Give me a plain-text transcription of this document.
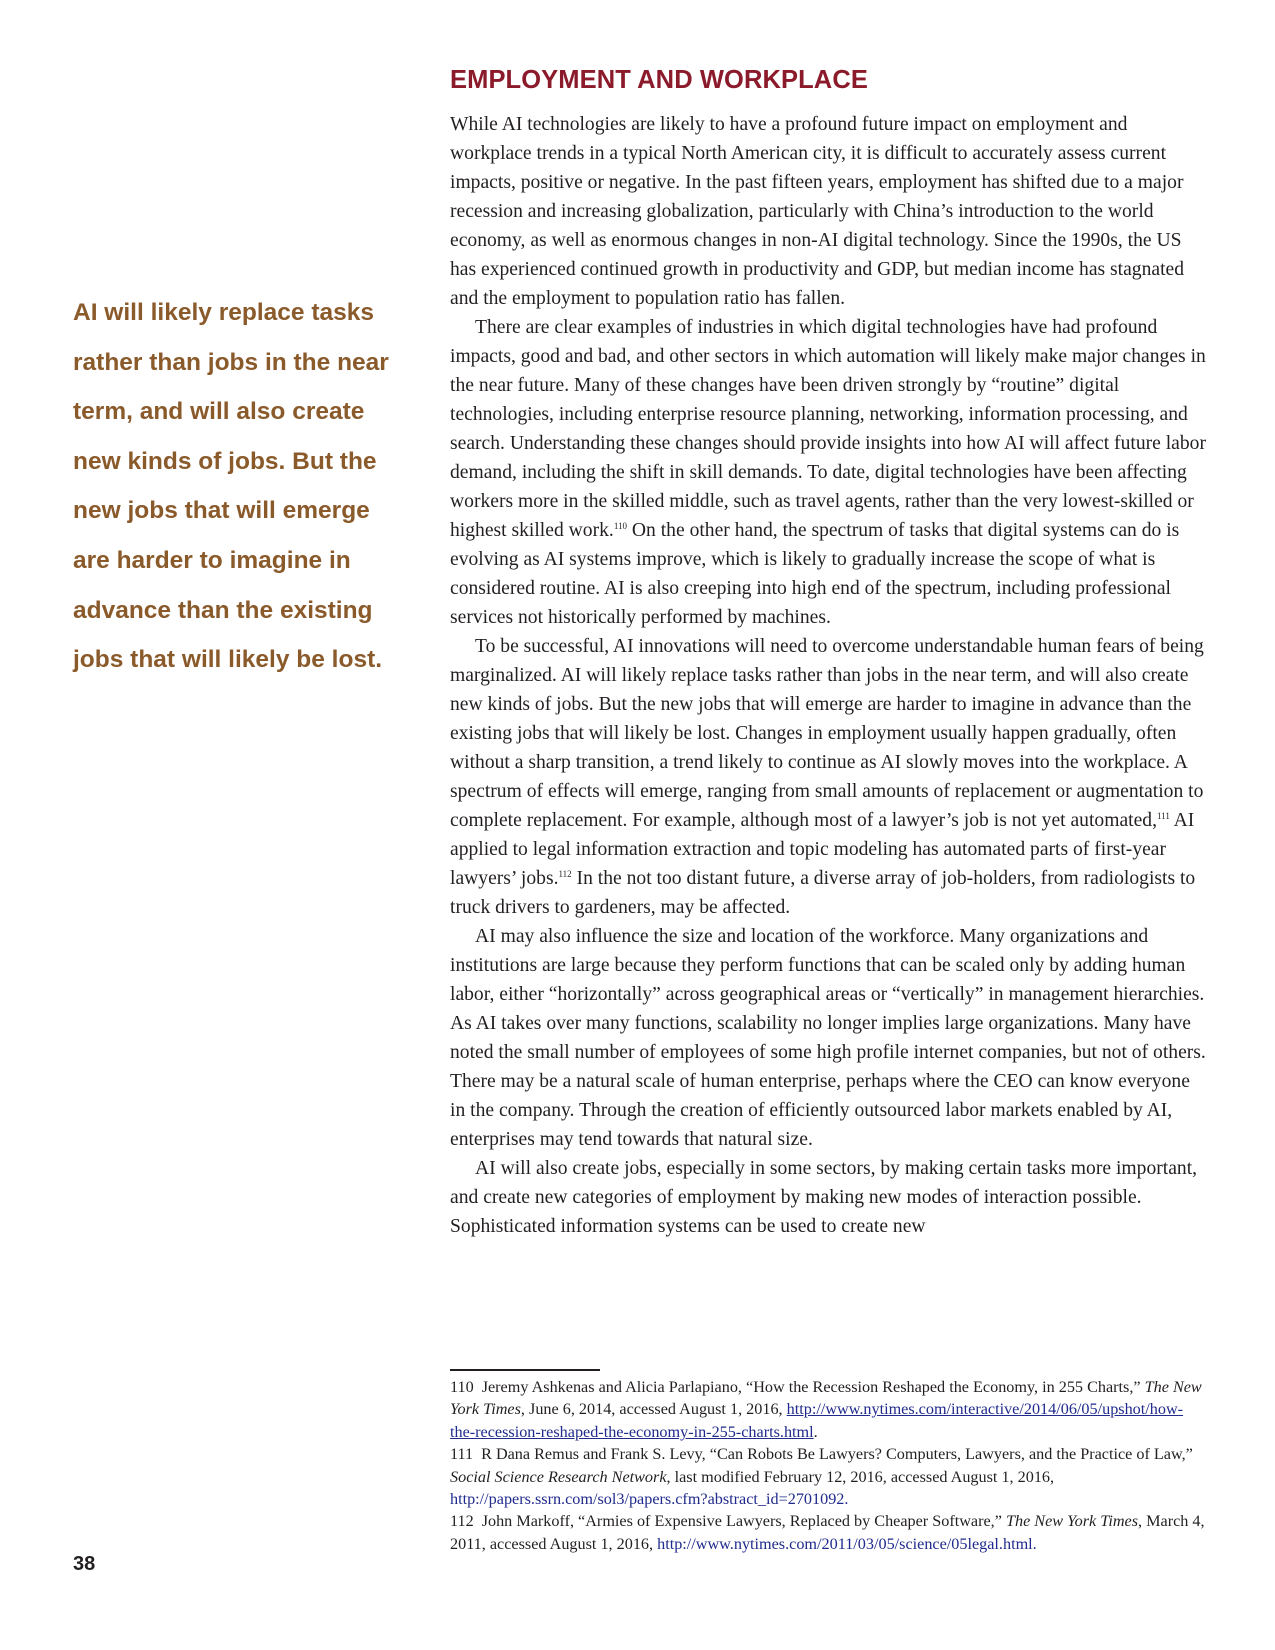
AI will likely replace tasks rather than jobs in the near term, and will also create new kinds of jobs. But the new jobs that will emerge are harder to imagine in advance than the existing jobs that will likely be lost.

EMPLOYMENT AND WORKPLACE

While AI technologies are likely to have a profound future impact on employment and workplace trends in a typical North American city, it is difficult to accurately assess current impacts, positive or negative. In the past fifteen years, employment has shifted due to a major recession and increasing globalization, particularly with China’s introduction to the world economy, as well as enormous changes in non-AI digital technology. Since the 1990s, the US has experienced continued growth in productivity and GDP, but median income has stagnated and the employment to population ratio has fallen.

There are clear examples of industries in which digital technologies have had profound impacts, good and bad, and other sectors in which automation will likely make major changes in the near future. Many of these changes have been driven strongly by “routine” digital technologies, including enterprise resource planning, networking, information processing, and search. Understanding these changes should provide insights into how AI will affect future labor demand, including the shift in skill demands. To date, digital technologies have been affecting workers more in the skilled middle, such as travel agents, rather than the very lowest-skilled or highest skilled work.$^{110}$ On the other hand, the spectrum of tasks that digital systems can do is evolving as AI systems improve, which is likely to gradually increase the scope of what is considered routine. AI is also creeping into high end of the spectrum, including professional services not historically performed by machines.

To be successful, AI innovations will need to overcome understandable human fears of being marginalized. AI will likely replace tasks rather than jobs in the near term, and will also create new kinds of jobs. But the new jobs that will emerge are harder to imagine in advance than the existing jobs that will likely be lost. Changes in employment usually happen gradually, often without a sharp transition, a trend likely to continue as AI slowly moves into the workplace. A spectrum of effects will emerge, ranging from small amounts of replacement or augmentation to complete replacement. For example, although most of a lawyer’s job is not yet automated,$^{111}$ AI applied to legal information extraction and topic modeling has automated parts of first-year lawyers’ jobs.$^{112}$ In the not too distant future, a diverse array of job-holders, from radiologists to truck drivers to gardeners, may be affected.

AI may also influence the size and location of the workforce. Many organizations and institutions are large because they perform functions that can be scaled only by adding human labor, either “horizontally” across geographical areas or “vertically” in management hierarchies. As AI takes over many functions, scalability no longer implies large organizations. Many have noted the small number of employees of some high profile internet companies, but not of others. There may be a natural scale of human enterprise, perhaps where the CEO can know everyone in the company. Through the creation of efficiently outsourced labor markets enabled by AI, enterprises may tend towards that natural size.

AI will also create jobs, especially in some sectors, by making certain tasks more important, and create new categories of employment by making new modes of interaction possible. Sophisticated information systems can be used to create new

110 Jeremy Ashkenas and Alicia Parlapiano, “How the Recession Reshaped the Economy, in 255 Charts,” The New York Times, June 6, 2014, accessed August 1, 2016, http://www.nytimes.com/interactive/2014/06/05/upshot/how-the-recession-reshaped-the-economy-in-255-charts.html.

111 R Dana Remus and Frank S. Levy, “Can Robots Be Lawyers? Computers, Lawyers, and the Practice of Law,” Social Science Research Network, last modified February 12, 2016, accessed August 1, 2016, http://papers.ssrn.com/sol3/papers.cfm?abstract_id=2701092.

112 John Markoff, “Armies of Expensive Lawyers, Replaced by Cheaper Software,” The New York Times, March 4, 2011, accessed August 1, 2016, http://www.nytimes.com/2011/03/05/science/05legal.html.

38
